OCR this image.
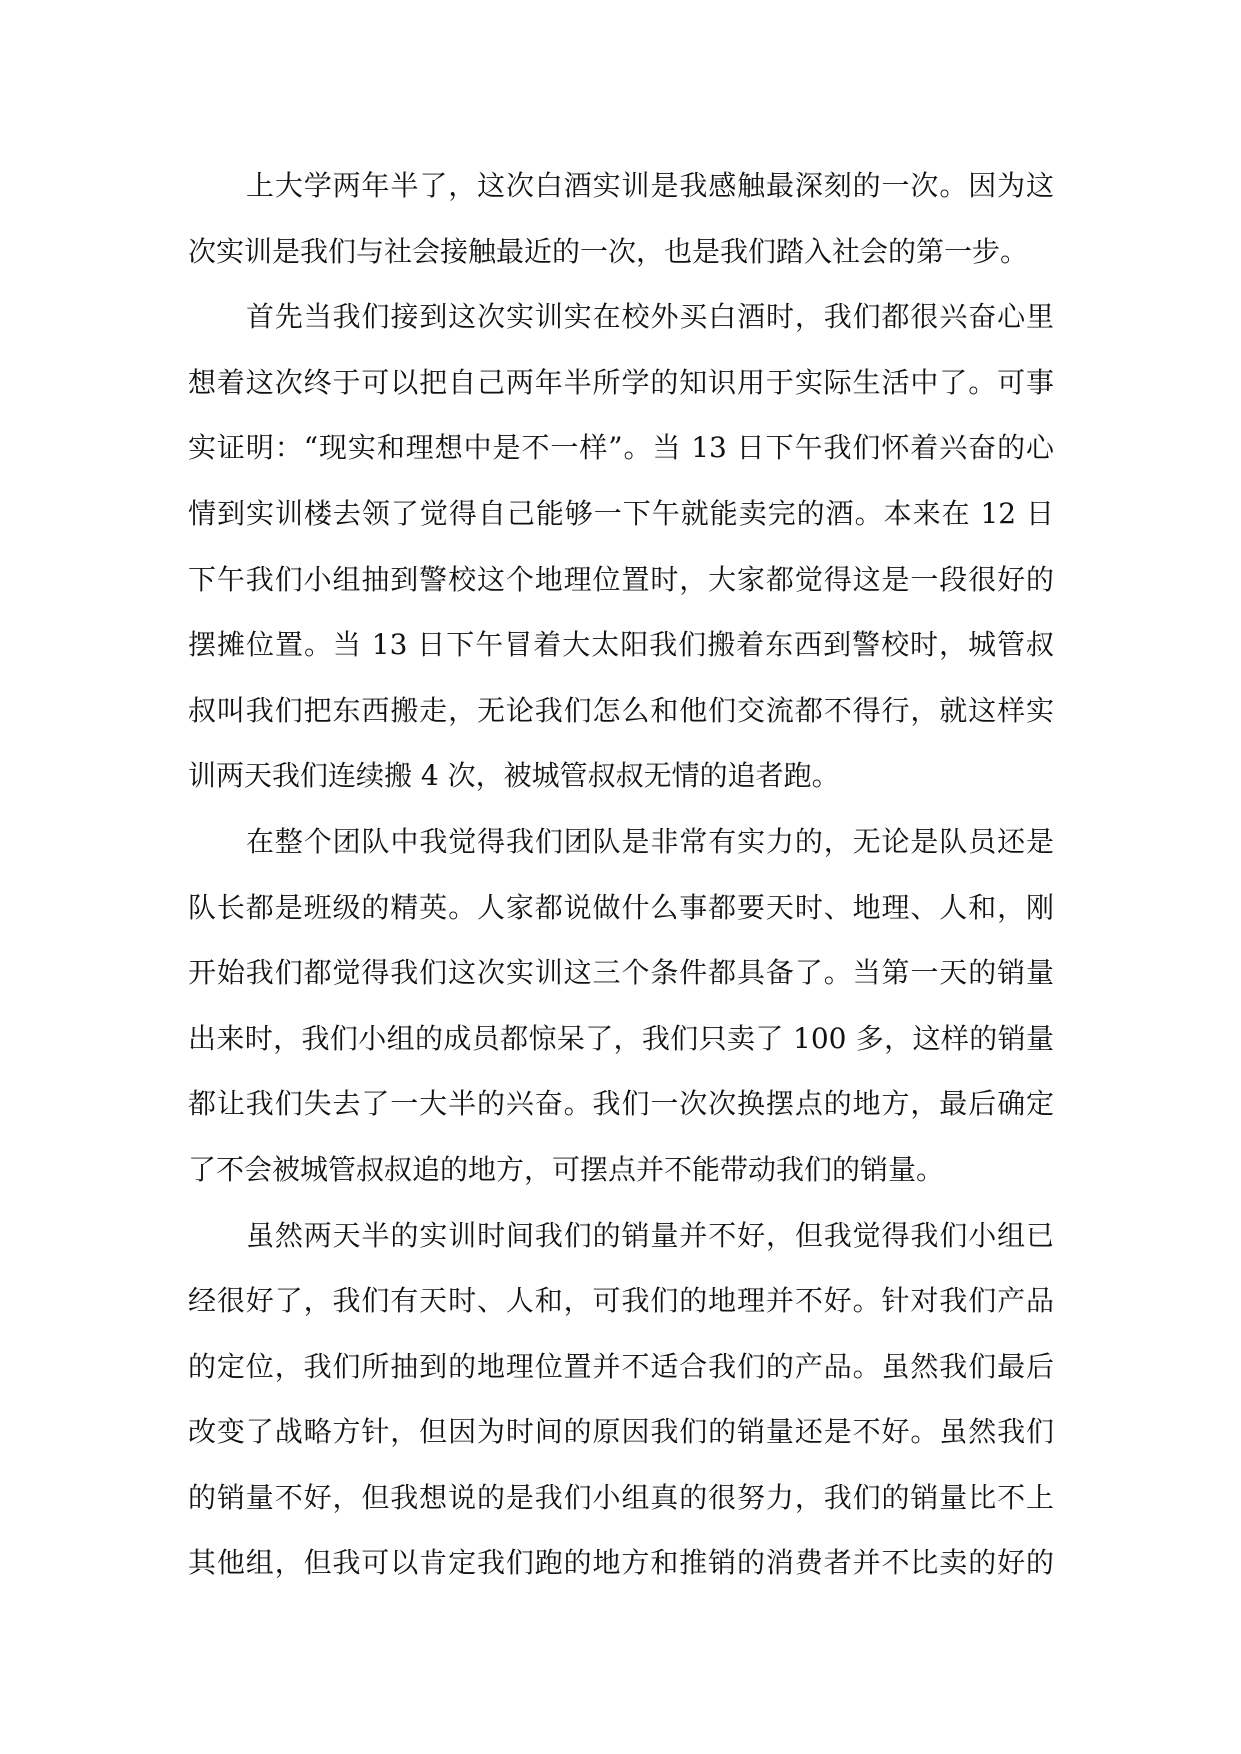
上大学两年半了，这次白酒实训是我感触最深刻的一次。因为这
次实训是我们与社会接触最近的一次，也是我们踏入社会的第一步。
首先当我们接到这次实训实在校外买白酒时，我们都很兴奋心里
想着这次终于可以把自己两年半所学的知识用于实际生活中了。可事
实证明：“现实和理想中是不一样”。当 13 日下午我们怀着兴奋的心
情到实训楼去领了觉得自己能够一下午就能卖完的酒。本来在 12 日
下午我们小组抽到警校这个地理位置时，大家都觉得这是一段很好的
摆摊位置。当 13 日下午冒着大太阳我们搬着东西到警校时，城管叔
叔叫我们把东西搬走，无论我们怎么和他们交流都不得行，就这样实
训两天我们连续搬 4 次，被城管叔叔无情的追者跑。
在整个团队中我觉得我们团队是非常有实力的，无论是队员还是
队长都是班级的精英。人家都说做什么事都要天时、地理、人和，刚
开始我们都觉得我们这次实训这三个条件都具备了。当第一天的销量
出来时，我们小组的成员都惊呆了，我们只卖了 100 多，这样的销量
都让我们失去了一大半的兴奋。我们一次次换摆点的地方，最后确定
了不会被城管叔叔追的地方，可摆点并不能带动我们的销量。
虽然两天半的实训时间我们的销量并不好，但我觉得我们小组已
经很好了，我们有天时、人和，可我们的地理并不好。针对我们产品
的定位，我们所抽到的地理位置并不适合我们的产品。虽然我们最后
改变了战略方针，但因为时间的原因我们的销量还是不好。虽然我们
的销量不好，但我想说的是我们小组真的很努力，我们的销量比不上
其他组，但我可以肯定我们跑的地方和推销的消费者并不比卖的好的
